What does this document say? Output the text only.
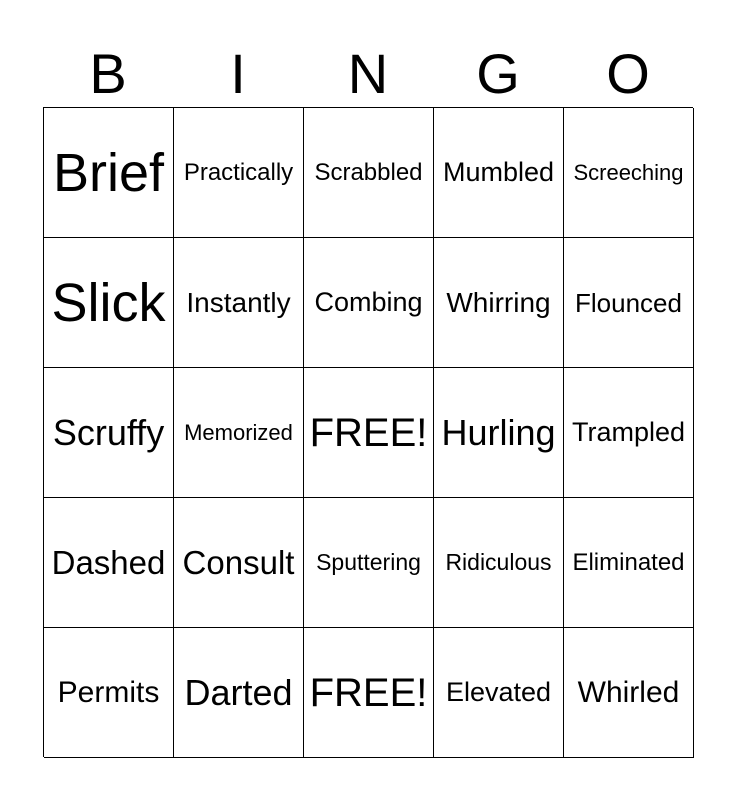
B	I	N	G	O
Brief Practically Scrabbled Mumbled Screeching
Slick Instantly Combing Whirring Flounced
Scruffy Memorized FREE! Hurling Trampled
Dashed Consult Sputtering Ridiculous Eliminated
Permits Darted FREE! Elevated Whirled
